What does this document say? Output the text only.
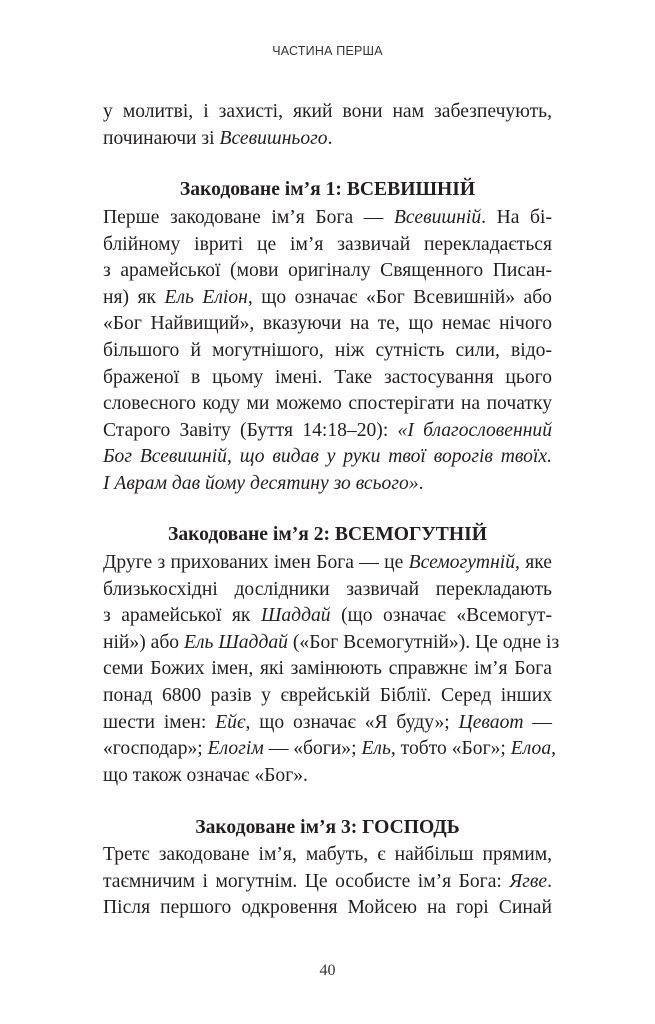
ЧАСТИНА ПЕРША
у молитві, і захисті, який вони нам забезпечують,
починаючи зі Всевишнього.
Закодоване ім’я 1: ВСЕВИШНІЙ
Перше закодоване ім’я Бога — Всевишній. На бі-
блійному івриті це ім’я зазвичай перекладається
з арамейської (мови оригіналу Священного Писан-
ня) як Ель Еліон, що означає «Бог Всевишній» або
«Бог Найвищий», вказуючи на те, що немає нічого
більшого й могутнішого, ніж сутність сили, відо-
браженої в цьому імені. Таке застосування цього
словесного коду ми можемо спостерігати на початку
Старого Завіту (Буття 14:18–20): «І благословенний
Бог Всевишній, що видав у руки твої ворогів твоїх.
І Аврам дав йому десятину зо всього».
Закодоване ім’я 2: ВСЕМОГУТНІЙ
Друге з прихованих імен Бога — це Всемогутній, яке
близькосхідні дослідники зазвичай перекладають
з арамейської як Шаддай (що означає «Всемогут-
ній») або Ель Шаддай («Бог Всемогутній»). Це одне із
семи Божих імен, які замінюють справжнє ім’я Бога
понад 6800 разів у єврейській Біблії. Серед інших
шести імен: Ейє, що означає «Я буду»; Цеваот —
«господар»; Елогім — «боги»; Ель, тобто «Бог»; Елоа,
що також означає «Бог».
Закодоване ім’я 3: ГОСПОДЬ
Третє закодоване ім’я, мабуть, є найбільш прямим,
таємничим і могутнім. Це особисте ім’я Бога: Ягве.
Після першого одкровення Мойсею на горі Синай
40
